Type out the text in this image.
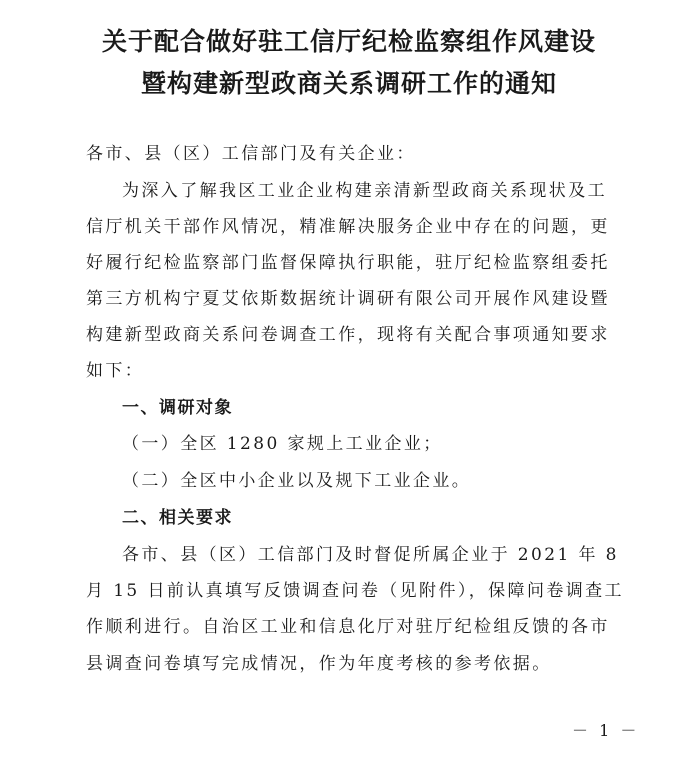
关于配合做好驻工信厅纪检监察组作风建设
暨构建新型政商关系调研工作的通知
各市、县（区）工信部门及有关企业：
为深入了解我区工业企业构建亲清新型政商关系现状及工
信厅机关干部作风情况，精准解决服务企业中存在的问题，更
好履行纪检监察部门监督保障执行职能，驻厅纪检监察组委托
第三方机构宁夏艾依斯数据统计调研有限公司开展作风建设暨
构建新型政商关系问卷调查工作，现将有关配合事项通知要求
如下：
一、调研对象
（一）全区 1280 家规上工业企业；
（二）全区中小企业以及规下工业企业。
二、相关要求
各市、县（区）工信部门及时督促所属企业于 2021 年 8
月 15 日前认真填写反馈调查问卷（见附件），保障问卷调查工
作顺利进行。自治区工业和信息化厅对驻厅纪检组反馈的各市
县调查问卷填写完成情况，作为年度考核的参考依据。
－ 1 －
